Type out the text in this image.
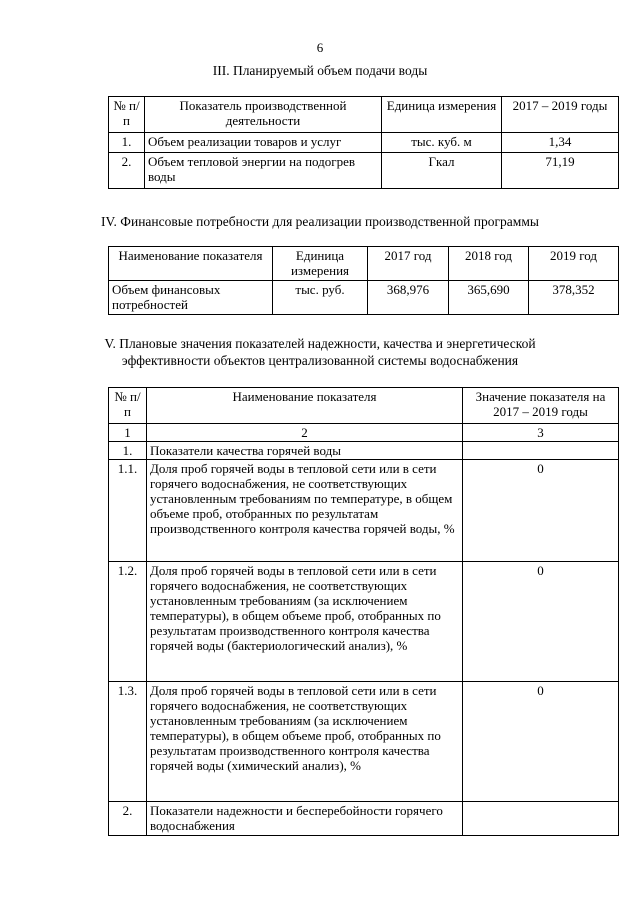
6
III. Планируемый объем подачи воды
№ п/п	Показатель производственной деятельности	Единица измерения	2017 – 2019 годы
1.	Объем реализации товаров и услуг	тыс. куб. м	1,34
2.	Объем тепловой энергии на подогрев воды	Гкал	71,19
IV. Финансовые потребности для реализации производственной программы
Наименование показателя	Единица измерения	2017 год	2018 год	2019 год
Объем финансовых потребностей	тыс. руб.	368,976	365,690	378,352
V. Плановые значения показателей надежности, качества и энергетической
эффективности объектов централизованной системы водоснабжения
№ п/п	Наименование показателя	Значение показателя на 2017 – 2019 годы
1	2	3
1.	Показатели качества горячей воды	
1.1.	Доля проб горячей воды в тепловой сети или в сети горячего водоснабжения, не соответствующих установленным требованиям по температуре, в общем объеме проб, отобранных по результатам производственного контроля качества горячей воды, %	0
1.2.	Доля проб горячей воды в тепловой сети или в сети горячего водоснабжения, не соответствующих установленным требованиям (за исключением температуры), в общем объеме проб, отобранных по результатам производственного контроля качества горячей воды (бактериологический анализ), %	0
1.3.	Доля проб горячей воды в тепловой сети или в сети горячего водоснабжения, не соответствующих установленным требованиям (за исключением температуры), в общем объеме проб, отобранных по результатам производственного контроля качества горячей воды (химический анализ), %	0
2.	Показатели надежности и бесперебойности горячего водоснабжения	
